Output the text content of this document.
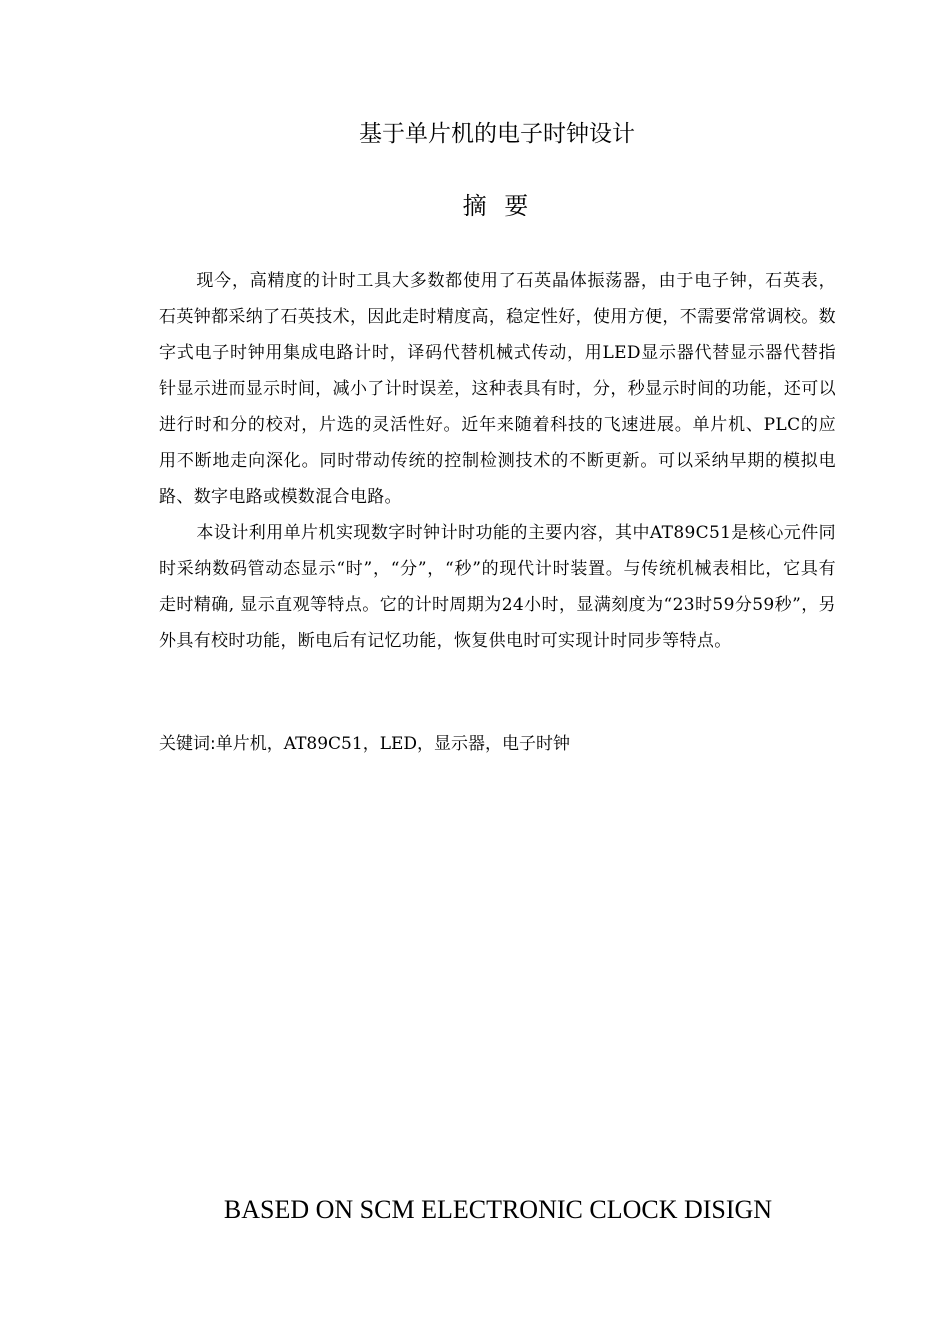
基于单片机的电子时钟设计
摘 要

现今，高精度的计时工具大多数都使用了石英晶体振荡器，由于电子钟，石英表，石英钟都采纳了石英技术，因此走时精度高，稳定性好，使用方便，不需要常常调校。数字式电子时钟用集成电路计时，译码代替机械式传动，用LED显示器代替显示器代替指针显示进而显示时间，减小了计时误差，这种表具有时，分，秒显示时间的功能，还可以进行时和分的校对，片选的灵活性好。近年来随着科技的飞速进展。单片机、PLC的应用不断地走向深化。同时带动传统的控制检测技术的不断更新。可以采纳早期的模拟电路、数字电路或模数混合电路。

本设计利用单片机实现数字时钟计时功能的主要内容，其中AT89C51是核心元件同时采纳数码管动态显示“时”，“分”，“秒”的现代计时装置。与传统机械表相比，它具有走时精确, 显示直观等特点。它的计时周期为24小时，显满刻度为“23时59分59秒”，另外具有校时功能，断电后有记忆功能，恢复供电时可实现计时同步等特点。

关键词:单片机，AT89C51，LED，显示器，电子时钟
BASED ON SCM ELECTRONIC CLOCK DISIGN
